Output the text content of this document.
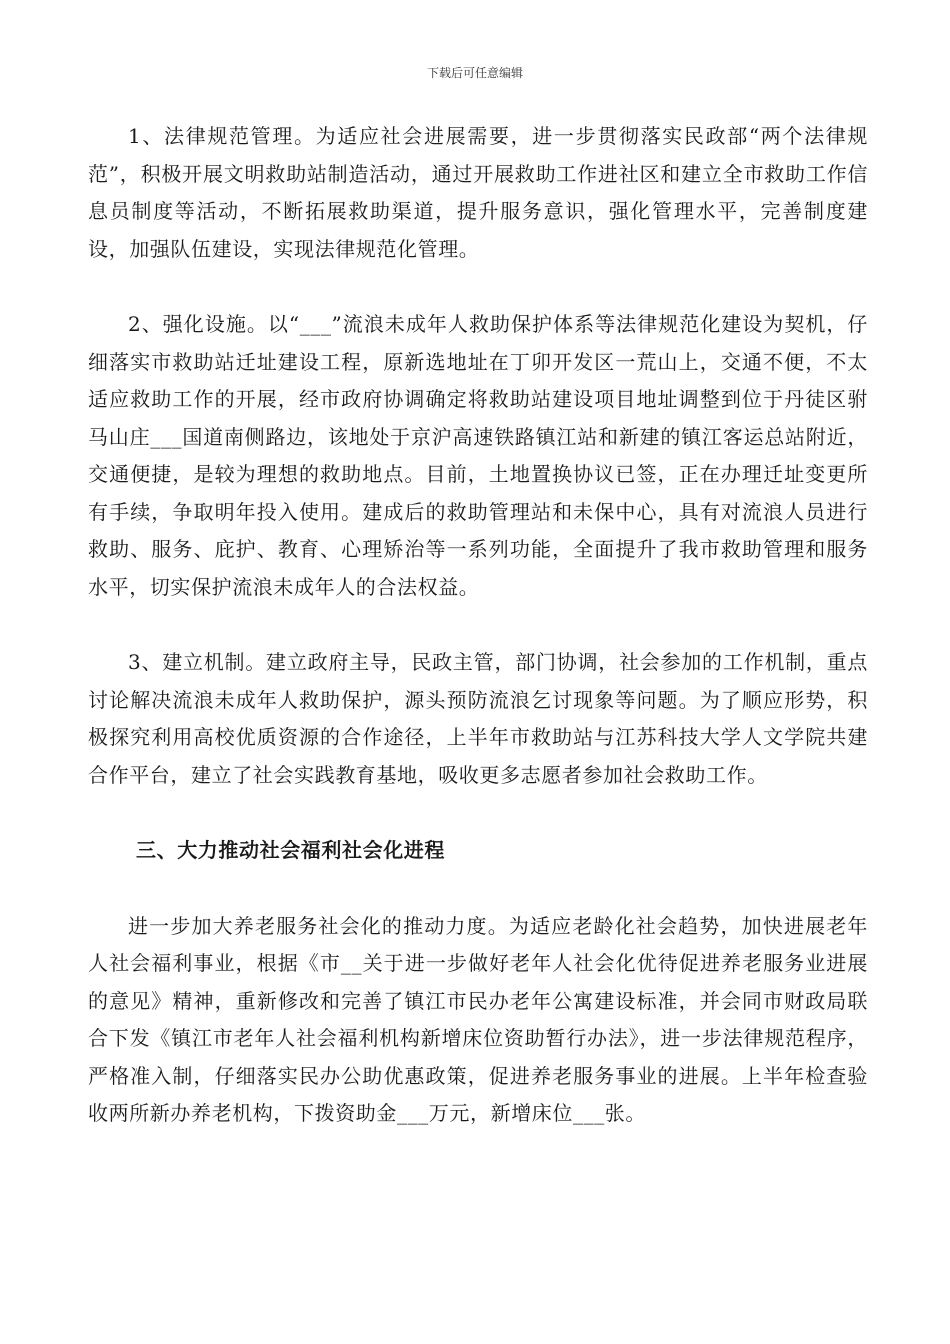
下载后可任意编辑

1、法律规范管理。为适应社会进展需要，进一步贯彻落实民政部“两个法律规范”，积极开展文明救助站制造活动，通过开展救助工作进社区和建立全市救助工作信息员制度等活动，不断拓展救助渠道，提升服务意识，强化管理水平，完善制度建设，加强队伍建设，实现法律规范化管理。

2、强化设施。以“___”流浪未成年人救助保护体系等法律规范化建设为契机，仔细落实市救助站迁址建设工程，原新选地址在丁卯开发区一荒山上，交通不便，不太适应救助工作的开展，经市政府协调确定将救助站建设项目地址调整到位于丹徒区驸马山庄___国道南侧路边，该地处于京沪高速铁路镇江站和新建的镇江客运总站附近，交通便捷，是较为理想的救助地点。目前，土地置换协议已签，正在办理迁址变更所有手续，争取明年投入使用。建成后的救助管理站和未保中心，具有对流浪人员进行救助、服务、庇护、教育、心理矫治等一系列功能，全面提升了我市救助管理和服务水平，切实保护流浪未成年人的合法权益。

3、建立机制。建立政府主导，民政主管，部门协调，社会参加的工作机制，重点讨论解决流浪未成年人救助保护，源头预防流浪乞讨现象等问题。为了顺应形势，积极探究利用高校优质资源的合作途径，上半年市救助站与江苏科技大学人文学院共建合作平台，建立了社会实践教育基地，吸收更多志愿者参加社会救助工作。

三、大力推动社会福利社会化进程

进一步加大养老服务社会化的推动力度。为适应老龄化社会趋势，加快进展老年人社会福利事业，根据《市__关于进一步做好老年人社会化优待促进养老服务业进展的意见》精神，重新修改和完善了镇江市民办老年公寓建设标准，并会同市财政局联合下发《镇江市老年人社会福利机构新增床位资助暂行办法》，进一步法律规范程序，严格准入制，仔细落实民办公助优惠政策，促进养老服务事业的进展。上半年检查验收两所新办养老机构，下拨资助金___万元，新增床位___张。
